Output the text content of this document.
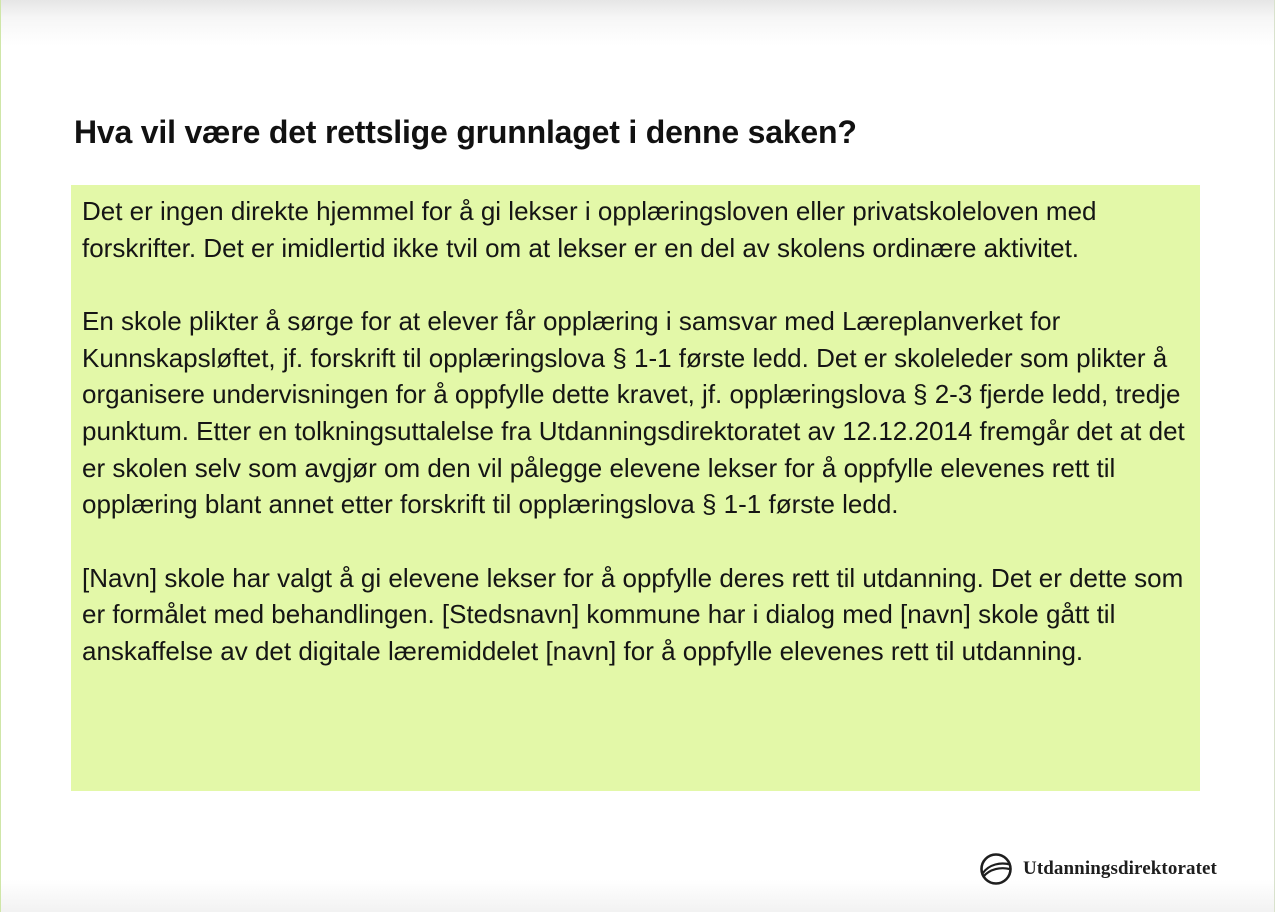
Hva vil være det rettslige grunnlaget i denne saken?

Det er ingen direkte hjemmel for å gi lekser i opplæringsloven eller privatskoleloven med forskrifter. Det er imidlertid ikke tvil om at lekser er en del av skolens ordinære aktivitet.

En skole plikter å sørge for at elever får opplæring i samsvar med Læreplanverket for Kunnskapsløftet, jf. forskrift til opplæringslova § 1-1 første ledd. Det er skoleleder som plikter å organisere undervisningen for å oppfylle dette kravet, jf. opplæringslova § 2-3 fjerde ledd, tredje punktum. Etter en tolkningsuttalelse fra Utdanningsdirektoratet av 12.12.2014 fremgår det at det er skolen selv som avgjør om den vil pålegge elevene lekser for å oppfylle elevenes rett til opplæring blant annet etter forskrift til opplæringslova § 1-1 første ledd.

[Navn] skole har valgt å gi elevene lekser for å oppfylle deres rett til utdanning. Det er dette som er formålet med behandlingen. [Stedsnavn] kommune har i dialog med [navn] skole gått til anskaffelse av det digitale læremiddelet [navn] for å oppfylle elevenes rett til utdanning.

Utdanningsdirektoratet
